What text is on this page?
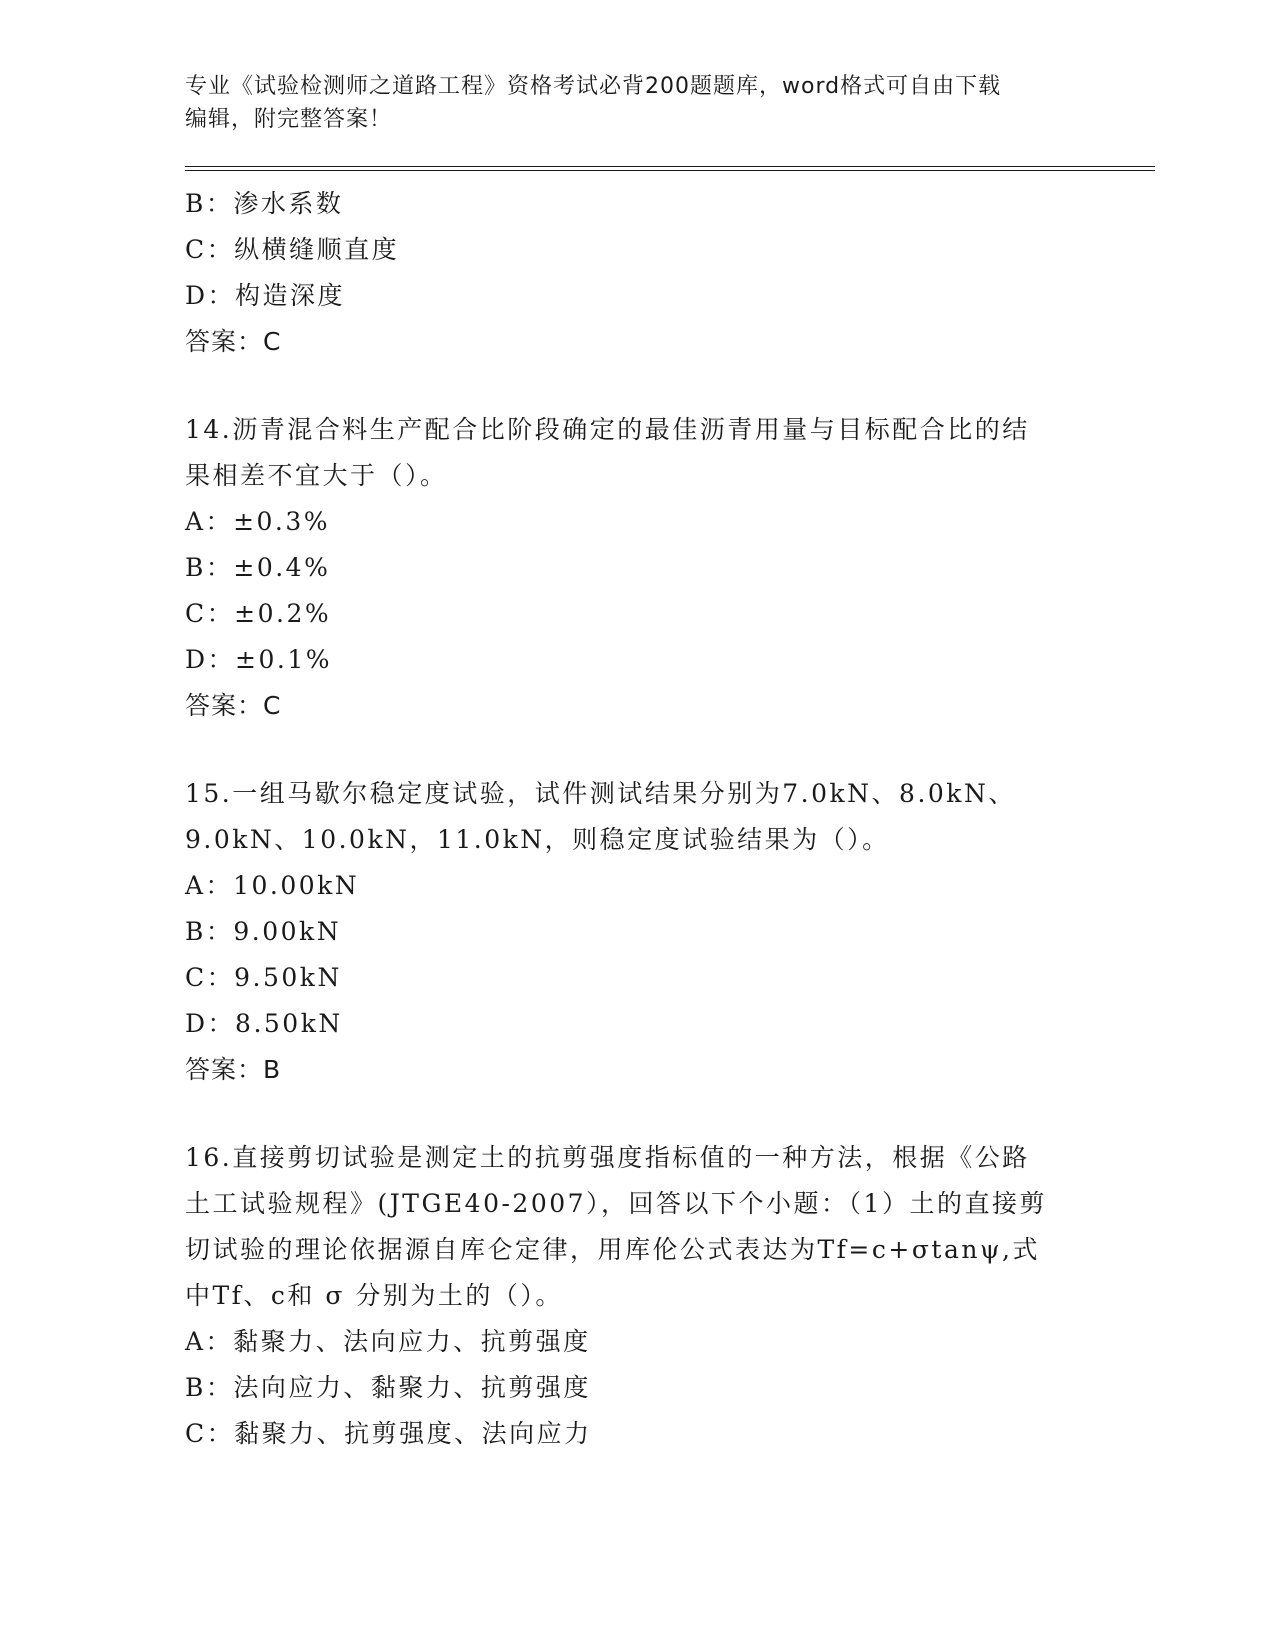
专业《试验检测师之道路工程》资格考试必背200题题库，word格式可自由下载
编辑，附完整答案！
B：渗水系数
C：纵横缝顺直度
D：构造深度
答案：C
14.沥青混合料生产配合比阶段确定的最佳沥青用量与目标配合比的结
果相差不宜大于（）。
A：±0.3%
B：±0.4%
C：±0.2%
D：±0.1%
答案：C
15.一组马歇尔稳定度试验，试件测试结果分别为7.0kN、8.0kN、
9.0kN、10.0kN，11.0kN，则稳定度试验结果为（）。
A：10.00kN
B：9.00kN
C：9.50kN
D：8.50kN
答案：B
16.直接剪切试验是测定土的抗剪强度指标值的一种方法，根据《公路
土工试验规程》(JTGE40-2007），回答以下个小题：（1）土的直接剪
切试验的理论依据源自库仑定律，用库伦公式表达为Tf=c+σtanψ,式
中Tf、c和 σ 分别为土的（）。
A：黏聚力、法向应力、抗剪强度
B：法向应力、黏聚力、抗剪强度
C：黏聚力、抗剪强度、法向应力
